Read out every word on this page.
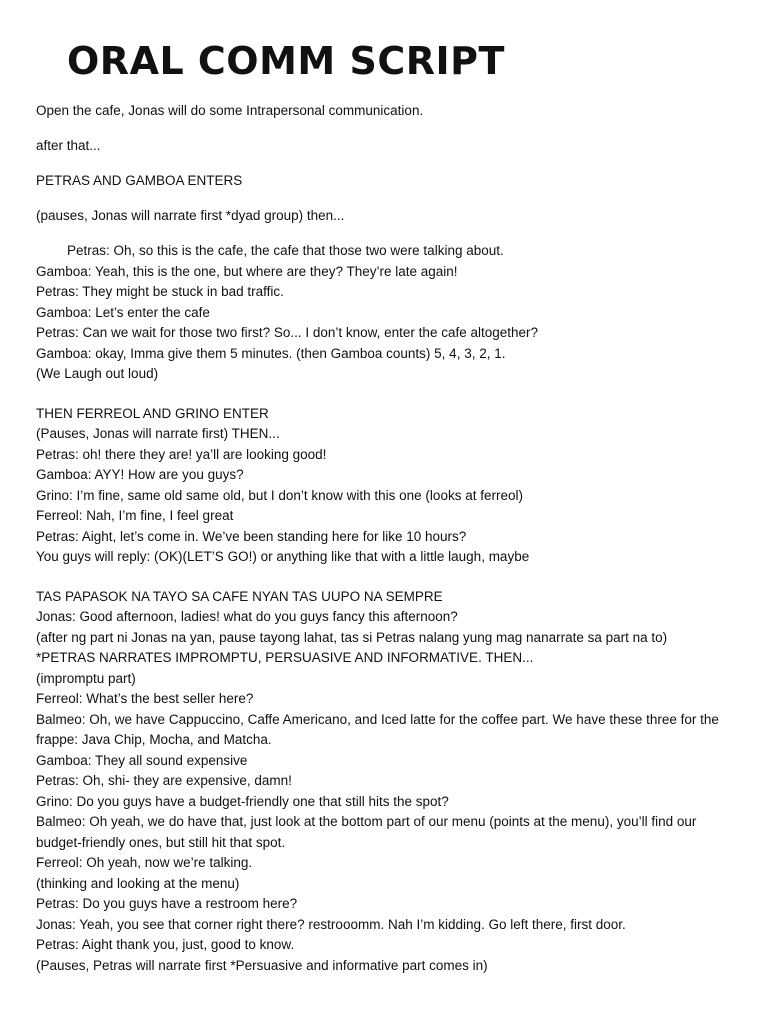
ORAL COMM SCRIPT

Open the cafe, Jonas will do some Intrapersonal communication.

after that...

PETRAS AND GAMBOA ENTERS

(pauses, Jonas will narrate first *dyad group) then...

Petras: Oh, so this is the cafe, the cafe that those two were talking about.

Gamboa: Yeah, this is the one, but where are they? They’re late again!

Petras: They might be stuck in bad traffic.

Gamboa: Let’s enter the cafe

Petras: Can we wait for those two first? So... I don’t know, enter the cafe altogether?

Gamboa: okay, Imma give them 5 minutes. (then Gamboa counts) 5, 4, 3, 2, 1.

(We Laugh out loud)

THEN FERREOL AND GRINO ENTER

(Pauses, Jonas will narrate first) THEN...

Petras: oh! there they are! ya’ll are looking good!

Gamboa: AYY! How are you guys?

Grino: I’m fine, same old same old, but I don’t know with this one (looks at ferreol)

Ferreol: Nah, I’m fine, I feel great

Petras: Aight, let’s come in. We’ve been standing here for like 10 hours?

You guys will reply: (OK)(LET’S GO!) or anything like that with a little laugh, maybe

TAS PAPASOK NA TAYO SA CAFE NYAN TAS UUPO NA SEMPRE

Jonas: Good afternoon, ladies! what do you guys fancy this afternoon?

(after ng part ni Jonas na yan, pause tayong lahat, tas si Petras nalang yung mag nanarrate sa part na to)

*PETRAS NARRATES IMPROMPTU, PERSUASIVE AND INFORMATIVE. THEN...

(impromptu part)

Ferreol: What’s the best seller here?

Balmeo: Oh, we have Cappuccino, Caffe Americano, and Iced latte for the coffee part. We have these three for the frappe: Java Chip, Mocha, and Matcha.

Gamboa: They all sound expensive

Petras: Oh, shi- they are expensive, damn!

Grino: Do you guys have a budget-friendly one that still hits the spot?

Balmeo: Oh yeah, we do have that, just look at the bottom part of our menu (points at the menu), you’ll find our budget-friendly ones, but still hit that spot.

Ferreol: Oh yeah, now we’re talking.

(thinking and looking at the menu)

Petras: Do you guys have a restroom here?

Jonas: Yeah, you see that corner right there? restrooomm. Nah I’m kidding. Go left there, first door.

Petras: Aight thank you, just, good to know.

(Pauses, Petras will narrate first *Persuasive and informative part comes in)
